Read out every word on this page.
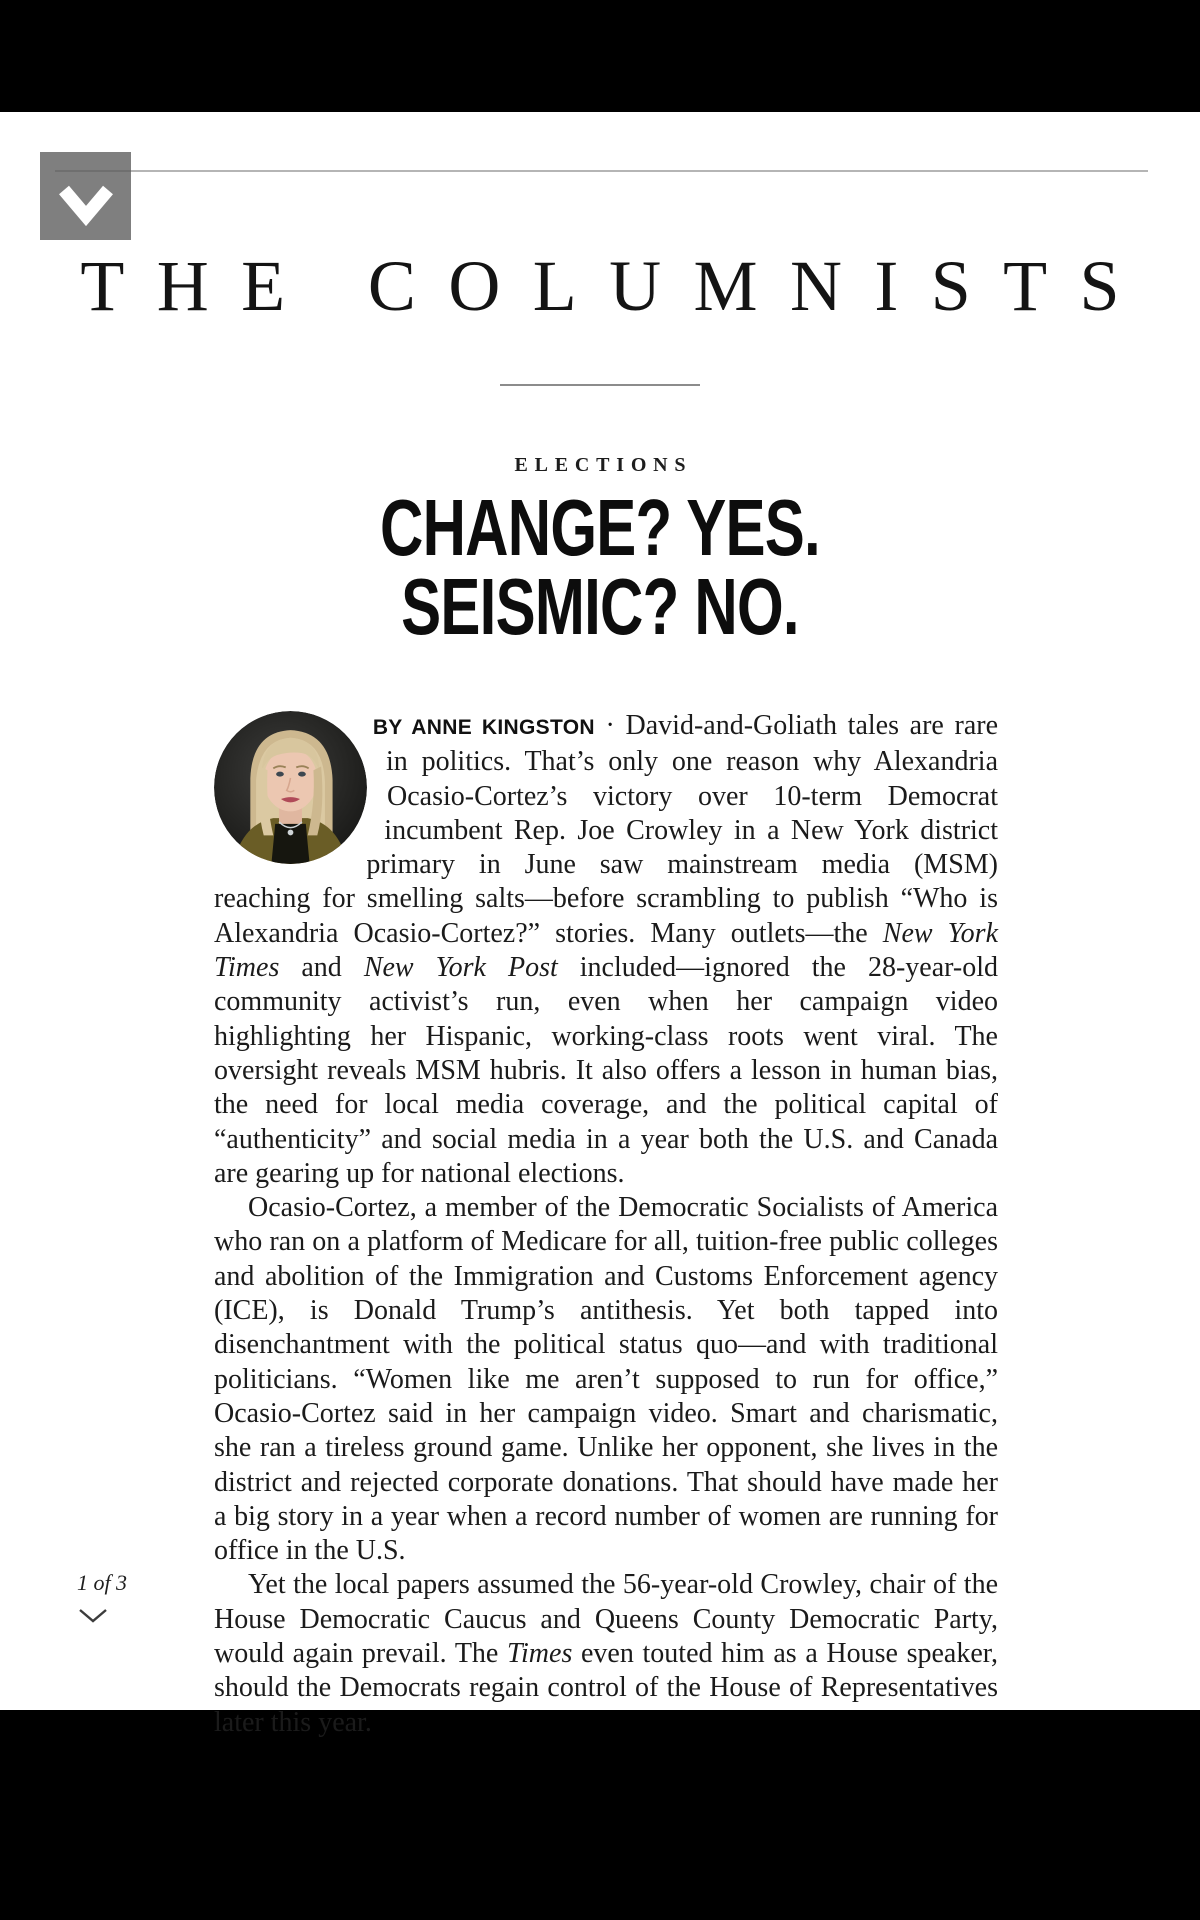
THE COLUMNISTS
ELECTIONS
CHANGE? YES.
SEISMIC? NO.

BY ANNE KINGSTON · David-and-Goliath tales are rare in politics. That’s only one reason why Alexandria Ocasio-Cortez’s victory over 10-term Democrat incumbent Rep. Joe Crowley in a New York district primary in June saw mainstream media (MSM) reaching for smelling salts—before scrambling to publish “Who is Alexandria Ocasio-Cortez?” stories. Many outlets—the New York Times and New York Post included—ignored the 28-year-old community activist’s run, even when her campaign video highlighting her Hispanic, working-class roots went viral. The oversight reveals MSM hubris. It also offers a lesson in human bias, the need for local media coverage, and the political capital of “authenticity” and social media in a year both the U.S. and Canada are gearing up for national elections.

Ocasio-Cortez, a member of the Democratic Socialists of America who ran on a platform of Medicare for all, tuition-free public colleges and abolition of the Immigration and Customs Enforcement agency (ICE), is Donald Trump’s antithesis. Yet both tapped into disenchantment with the political status quo—and with traditional politicians. “Women like me aren’t supposed to run for office,” Ocasio-Cortez said in her campaign video. Smart and charismatic, she ran a tireless ground game. Unlike her opponent, she lives in the district and rejected corporate donations. That should have made her a big story in a year when a record number of women are running for office in the U.S.

Yet the local papers assumed the 56-year-old Crowley, chair of the House Democratic Caucus and Queens County Democratic Party, would again prevail. The Times even touted him as a House speaker, should the Democrats regain control of the House of Representatives later this year.

1 of 3
